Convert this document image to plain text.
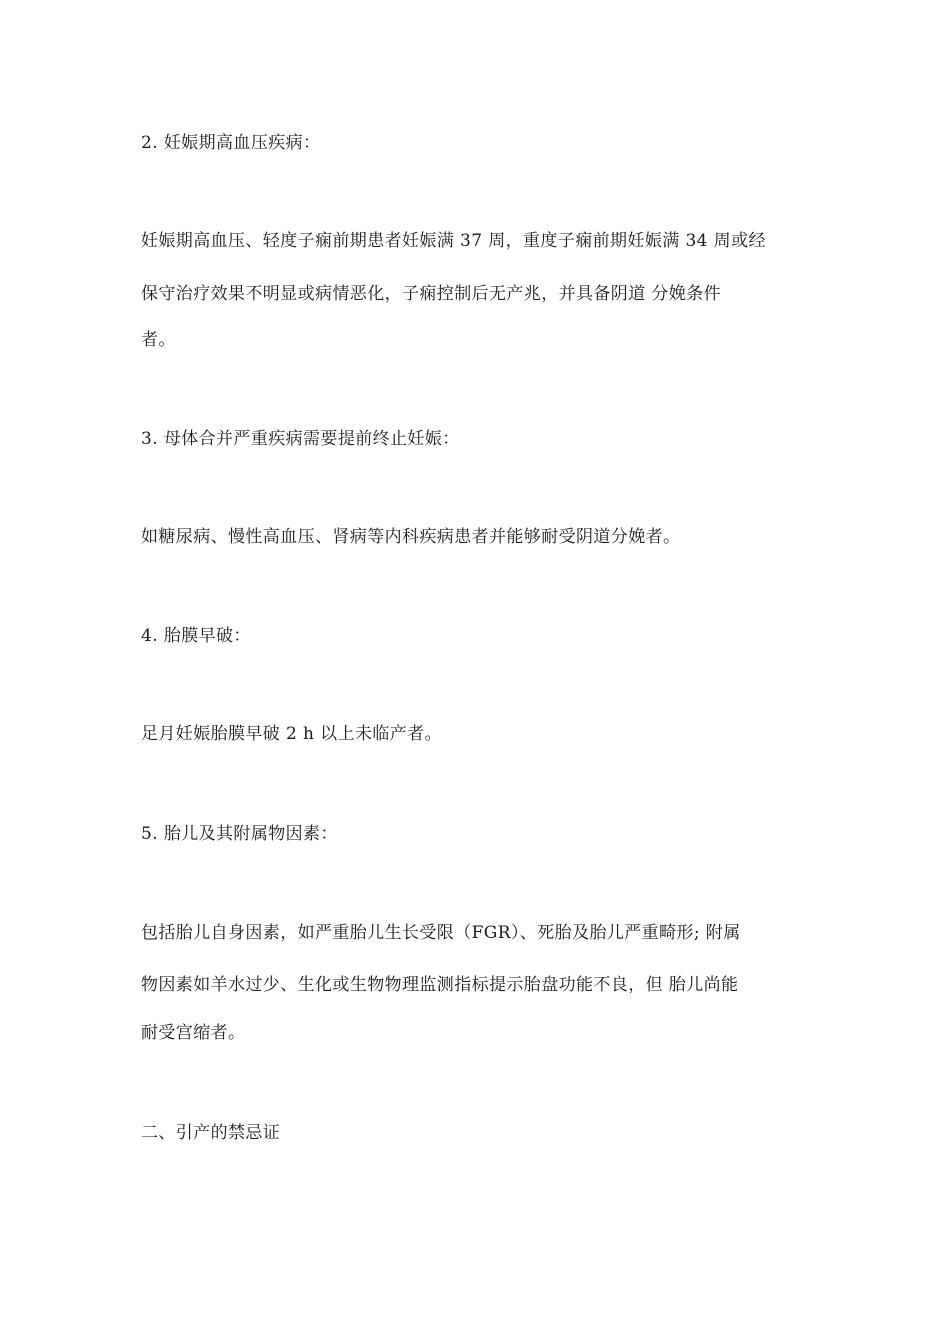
2. 妊娠期高血压疾病：

妊娠期高血压、轻度子痫前期患者妊娠满 37 周，重度子痫前期妊娠满 34 周或经

保守治疗效果不明显或病情恶化，子痫控制后无产兆，并具备阴道 分娩条件

者。

3. 母体合并严重疾病需要提前终止妊娠：

如糖尿病、慢性高血压、肾病等内科疾病患者并能够耐受阴道分娩者。

4. 胎膜早破：

足月妊娠胎膜早破 2 h 以上未临产者。

5. 胎儿及其附属物因素：

包括胎儿自身因素，如严重胎儿生长受限（FGR）、死胎及胎儿严重畸形; 附属

物因素如羊水过少、生化或生物物理监测指标提示胎盘功能不良，但 胎儿尚能

耐受宫缩者。

二、引产的禁忌证
